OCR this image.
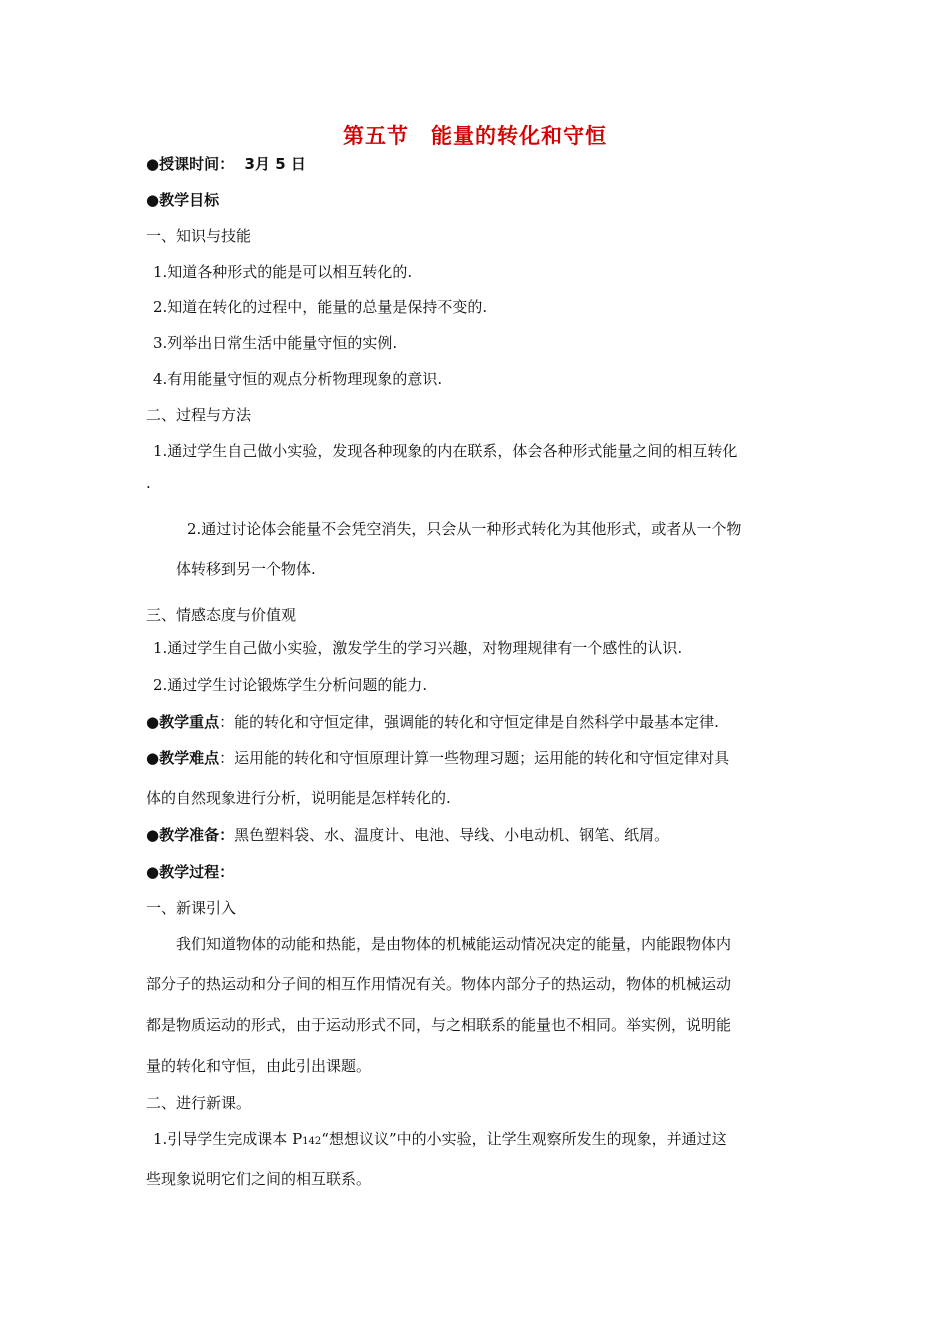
第五节　能量的转化和守恒
●授课时间： 3月 5 日
●教学目标
一、知识与技能
1.知道各种形式的能是可以相互转化的.
2.知道在转化的过程中，能量的总量是保持不变的.
3.列举出日常生活中能量守恒的实例.
4.有用能量守恒的观点分析物理现象的意识.
二、过程与方法
1.通过学生自己做小实验，发现各种现象的内在联系，体会各种形式能量之间的相互转化
.
2.通过讨论体会能量不会凭空消失，只会从一种形式转化为其他形式，或者从一个物
体转移到另一个物体.
三、情感态度与价值观
1.通过学生自己做小实验，激发学生的学习兴趣，对物理规律有一个感性的认识.
2.通过学生讨论锻炼学生分析问题的能力.
●教学重点：能的转化和守恒定律，强调能的转化和守恒定律是自然科学中最基本定律.
●教学难点：运用能的转化和守恒原理计算一些物理习题；运用能的转化和守恒定律对具
体的自然现象进行分析，说明能是怎样转化的.
●教学准备：黑色塑料袋、水、温度计、电池、导线、小电动机、钢笔、纸屑。
●教学过程：
一、新课引入
我们知道物体的动能和热能，是由物体的机械能运动情况决定的能量，内能跟物体内
部分子的热运动和分子间的相互作用情况有关。物体内部分子的热运动，物体的机械运动
都是物质运动的形式，由于运动形式不同，与之相联系的能量也不相同。举实例，说明能
量的转化和守恒，由此引出课题。
二、进行新课。
1.引导学生完成课本 P142“想想议议”中的小实验，让学生观察所发生的现象，并通过这
些现象说明它们之间的相互联系。
